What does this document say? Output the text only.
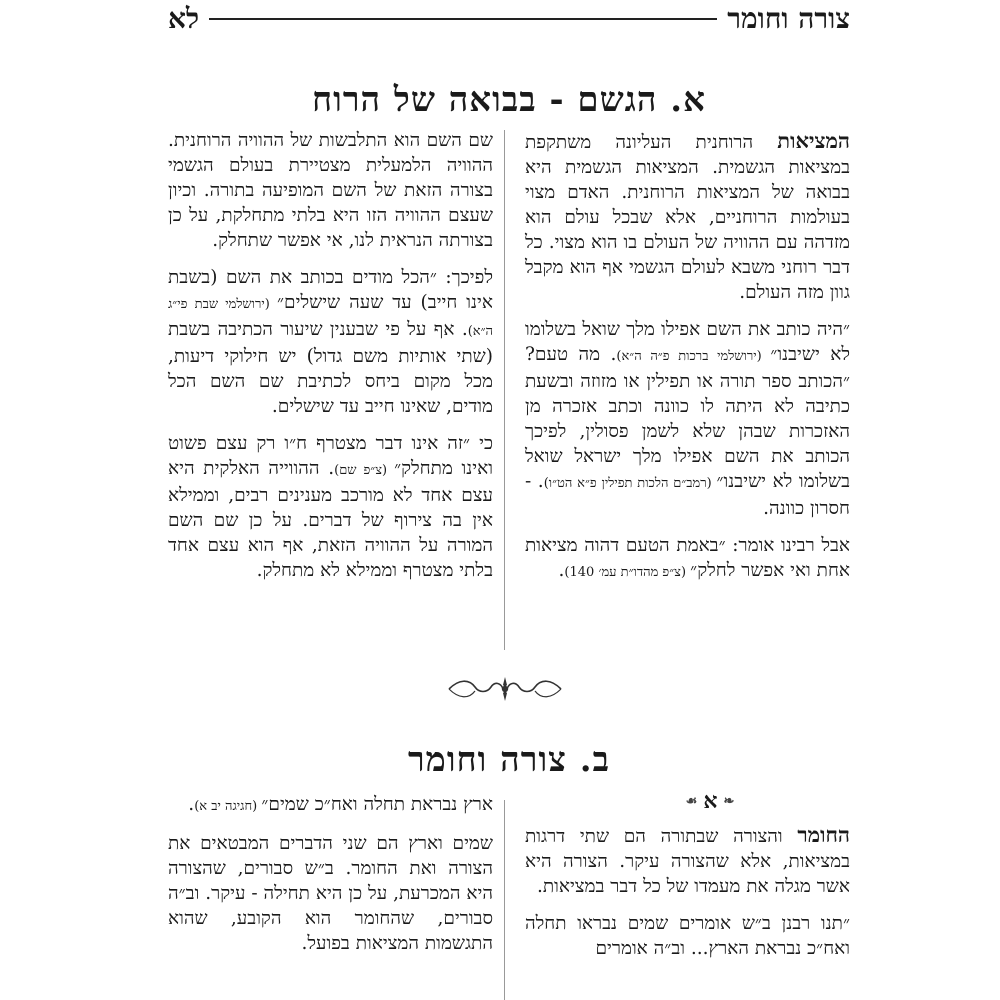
צורה וחומר
לא
א. הגשם - בבואה של הרוח

המציאות הרוחנית העליונה משתקפת במציאות הגשמית. המציאות הגשמית היא בבואה של המציאות הרוחנית. האדם מצוי בעולמות הרוחניים, אלא שבכל עולם הוא מזדהה עם ההוויה של העולם בו הוא מצוי. כל דבר רוחני משבא לעולם הגשמי אף הוא מקבל גוון מזה העולם.

״היה כותב את השם אפילו מלך שואל בשלומו לא ישיבנו״ (ירושלמי ברכות פ״ה ה״א). מה טעם? ״הכותב ספר תורה או תפילין או מזוזה ובשעת כתיבה לא היתה לו כוונה וכתב אזכרה מן האזכרות שבהן שלא לשמן פסולין, לפיכך הכותב את השם אפילו מלך ישראל שואל בשלומו לא ישיבנו״ (רמב״ם הלכות תפילין פ״א הט״ו). - חסרון כוונה.

אבל רבינו אומר: ״באמת הטעם דהוה מציאות אחת ואי אפשר לחלק״ (צ״פ מהדו״ת עמ׳ 140).

שם השם הוא התלבשות של ההוויה הרוחנית. ההוויה הלמעלית מצטיירת בעולם הגשמי בצורה הזאת של השם המופיעה בתורה. וכיון שעצם ההוויה הזו היא בלתי מתחלקת, על כן בצורתה הנראית לנו, אי אפשר שתחלק.

לפיכך: ״הכל מודים בכותב את השם (בשבת אינו חייב) עד שעה שישלים״ (ירושלמי שבת פי״ג ה״א). אף על פי שבענין שיעור הכתיבה בשבת (שתי אותיות משם גדול) יש חילוקי דיעות, מכל מקום ביחס לכתיבת שם השם הכל מודים, שאינו חייב עד שישלים.

כי ״זה אינו דבר מצטרף ח״ו רק עצם פשוט ואינו מתחלק״ (צ״פ שם). ההווייה האלקית היא עצם אחד לא מורכב מענינים רבים, וממילא אין בה צירוף של דברים. על כן שם השם המורה על ההוויה הזאת, אף הוא עצם אחד בלתי מצטרף וממילא לא מתחלק.

ב. צורה וחומר
❧
א
☙

החומר והצורה שבתורה הם שתי דרגות במציאות, אלא שהצורה עיקר. הצורה היא אשר מגלה את מעמדו של כל דבר במציאות.

״תנו רבנן ב״ש אומרים שמים נבראו תחלה ואח״כ נבראת הארץ... וב״ה אומרים

ארץ נבראת תחלה ואח״כ שמים״ (חגיגה יב א).

שמים וארץ הם שני הדברים המבטאים את הצורה ואת החומר. ב״ש סבורים, שהצורה היא המכרעת, על כן היא תחילה - עיקר. וב״ה סבורים, שהחומר הוא הקובע, שהוא התגשמות המציאות בפועל.
